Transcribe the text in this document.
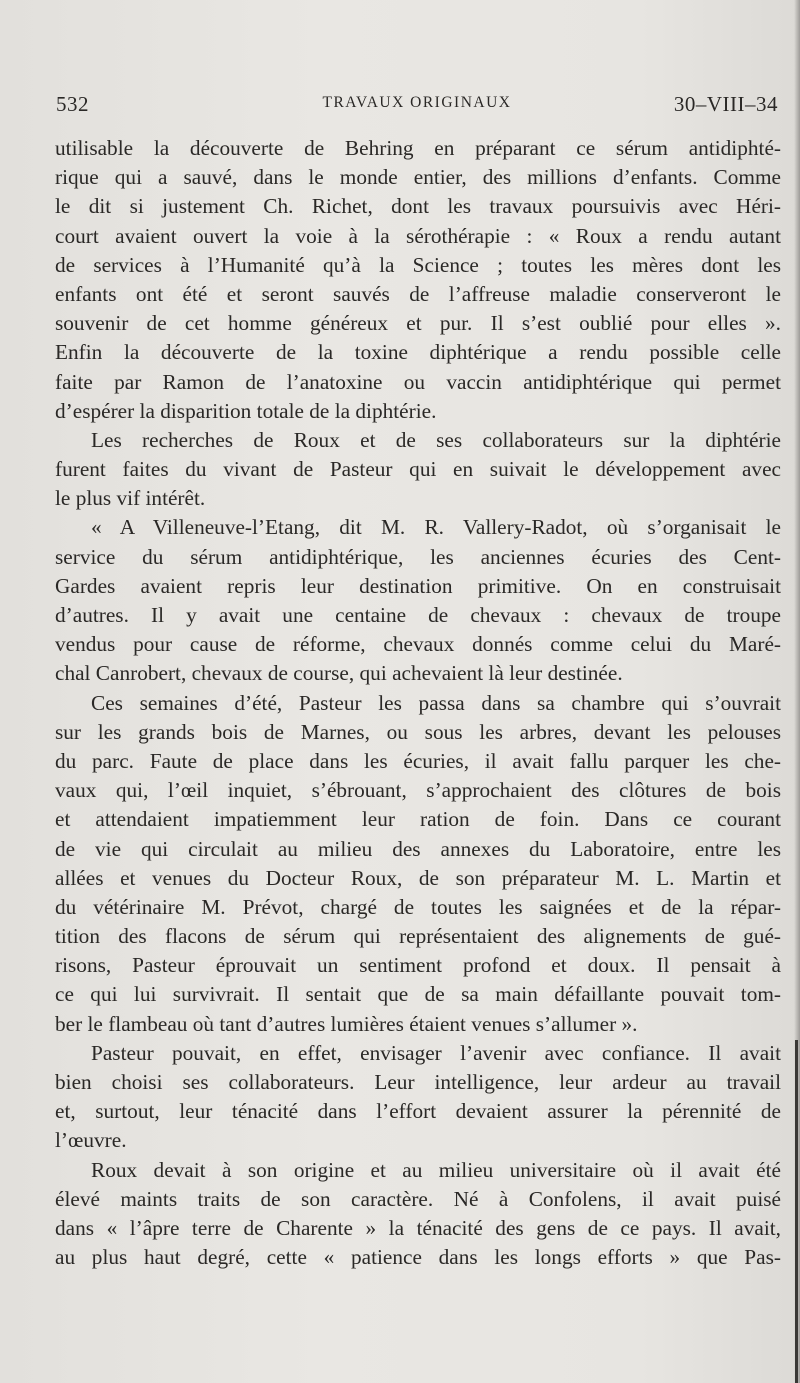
532	TRAVAUX ORIGINAUX	30–VIII–34
utilisable la découverte de Behring en préparant ce sérum antidiphté-
rique qui a sauvé, dans le monde entier, des millions d’enfants. Comme
le dit si justement Ch. Richet, dont les travaux poursuivis avec Héri-
court avaient ouvert la voie à la sérothérapie : « Roux a rendu autant
de services à l’Humanité qu’à la Science ; toutes les mères dont les
enfants ont été et seront sauvés de l’affreuse maladie conserveront le
souvenir de cet homme généreux et pur. Il s’est oublié pour elles ».
Enfin la découverte de la toxine diphtérique a rendu possible celle
faite par Ramon de l’anatoxine ou vaccin antidiphtérique qui permet
d’espérer la disparition totale de la diphtérie.
Les recherches de Roux et de ses collaborateurs sur la diphtérie
furent faites du vivant de Pasteur qui en suivait le développement avec
le plus vif intérêt.
« A Villeneuve-l’Etang, dit M. R. Vallery-Radot, où s’organisait le
service du sérum antidiphtérique, les anciennes écuries des Cent-
Gardes avaient repris leur destination primitive. On en construisait
d’autres. Il y avait une centaine de chevaux : chevaux de troupe
vendus pour cause de réforme, chevaux donnés comme celui du Maré-
chal Canrobert, chevaux de course, qui achevaient là leur destinée.
Ces semaines d’été, Pasteur les passa dans sa chambre qui s’ouvrait
sur les grands bois de Marnes, ou sous les arbres, devant les pelouses
du parc. Faute de place dans les écuries, il avait fallu parquer les che-
vaux qui, l’œil inquiet, s’ébrouant, s’approchaient des clôtures de bois
et attendaient impatiemment leur ration de foin. Dans ce courant
de vie qui circulait au milieu des annexes du Laboratoire, entre les
allées et venues du Docteur Roux, de son préparateur M. L. Martin et
du vétérinaire M. Prévot, chargé de toutes les saignées et de la répar-
tition des flacons de sérum qui représentaient des alignements de gué-
risons, Pasteur éprouvait un sentiment profond et doux. Il pensait à
ce qui lui survivrait. Il sentait que de sa main défaillante pouvait tom-
ber le flambeau où tant d’autres lumières étaient venues s’allumer ».
Pasteur pouvait, en effet, envisager l’avenir avec confiance. Il avait
bien choisi ses collaborateurs. Leur intelligence, leur ardeur au travail
et, surtout, leur ténacité dans l’effort devaient assurer la pérennité de
l’œuvre.
Roux devait à son origine et au milieu universitaire où il avait été
élevé maints traits de son caractère. Né à Confolens, il avait puisé
dans « l’âpre terre de Charente » la ténacité des gens de ce pays. Il avait,
au plus haut degré, cette « patience dans les longs efforts » que Pas-
